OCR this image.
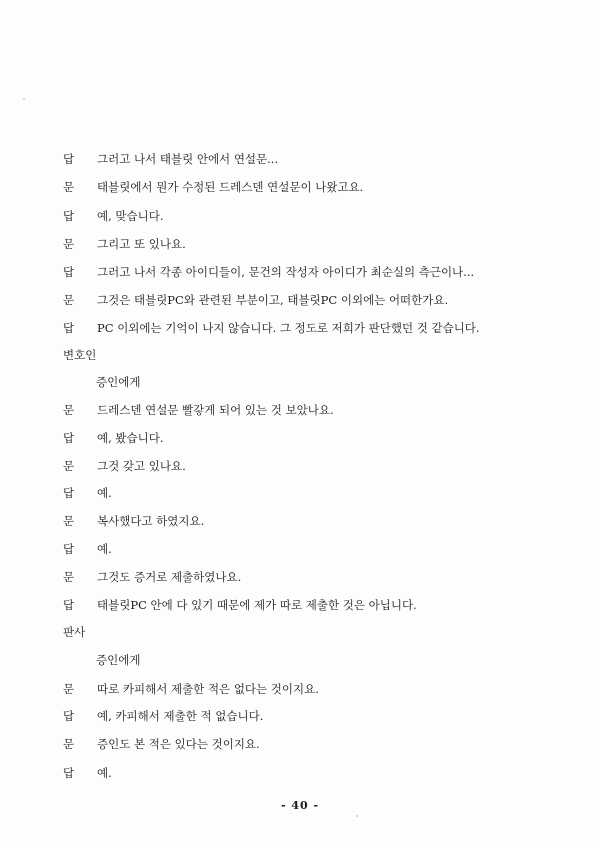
답 그러고 나서 태블릿 안에서 연설문...
문 태블릿에서 뭔가 수정된 드레스덴 연설문이 나왔고요.
답 예, 맞습니다.
문 그리고 또 있나요.
답 그러고 나서 각종 아이디들이, 문건의 작성자 아이디가 최순실의 측근이나...
문 그것은 태블릿PC와 관련된 부분이고, 태블릿PC 이외에는 어떠한가요.
답 PC 이외에는 기억이 나지 않습니다. 그 정도로 저희가 판단했던 것 같습니다.
변호인
증인에게
문 드레스덴 연설문 빨갛게 되어 있는 것 보았나요.
답 예, 봤습니다.
문 그것 갖고 있나요.
답 예.
문 복사했다고 하였지요.
답 예.
문 그것도 증거로 제출하였나요.
답 태블릿PC 안에 다 있기 때문에 제가 따로 제출한 것은 아닙니다.
판사
증인에게
문 따로 카피해서 제출한 적은 없다는 것이지요.
답 예, 카피해서 제출한 적 없습니다.
문 증인도 본 적은 있다는 것이지요.
답 예.
- 40 -
